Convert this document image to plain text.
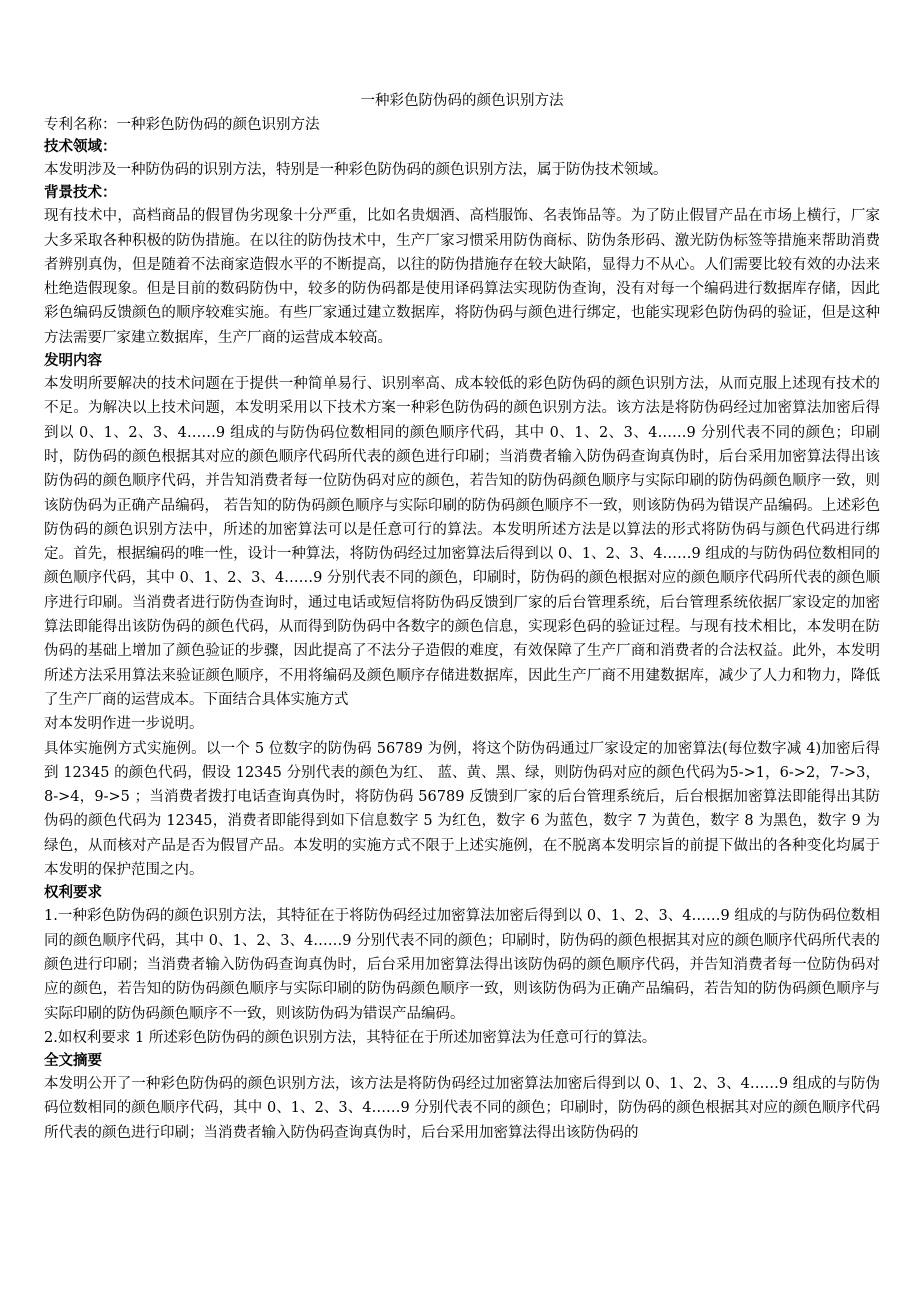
一种彩色防伪码的颜色识别方法

专利名称：一种彩色防伪码的颜色识别方法

技术领域：

本发明涉及一种防伪码的识别方法，特别是一种彩色防伪码的颜色识别方法，属于防伪技术领域。

背景技术：

现有技术中，高档商品的假冒伪劣现象十分严重，比如名贵烟酒、高档服饰、名表饰品等。为了防止假冒产品在市场上横行，厂家大多采取各种积极的防伪措施。在以往的防伪技术中，生产厂家习惯采用防伪商标、防伪条形码、激光防伪标签等措施来帮助消费者辨别真伪，但是随着不法商家造假水平的不断提高，以往的防伪措施存在较大缺陷，显得力不从心。人们需要比较有效的办法来杜绝造假现象。但是目前的数码防伪中，较多的防伪码都是使用译码算法实现防伪查询，没有对每一个编码进行数据库存储，因此彩色编码反馈颜色的顺序较难实施。有些厂家通过建立数据库，将防伪码与颜色进行绑定，也能实现彩色防伪码的验证，但是这种方法需要厂家建立数据库，生产厂商的运营成本较高。

发明内容

本发明所要解决的技术问题在于提供一种简单易行、识别率高、成本较低的彩色防伪码的颜色识别方法，从而克服上述现有技术的不足。为解决以上技术问题，本发明采用以下技术方案一种彩色防伪码的颜色识别方法。该方法是将防伪码经过加密算法加密后得到以 0、1、2、3、4……9 组成的与防伪码位数相同的颜色顺序代码，其中 0、1、2、3、4……9 分别代表不同的颜色；印刷时，防伪码的颜色根据其对应的颜色顺序代码所代表的颜色进行印刷；当消费者输入防伪码查询真伪时，后台采用加密算法得出该防伪码的颜色顺序代码，并告知消费者每一位防伪码对应的颜色，若告知的防伪码颜色顺序与实际印刷的防伪码颜色顺序一致，则该防伪码为正确产品编码， 若告知的防伪码颜色顺序与实际印刷的防伪码颜色顺序不一致，则该防伪码为错误产品编码。上述彩色防伪码的颜色识别方法中，所述的加密算法可以是任意可行的算法。本发明所述方法是以算法的形式将防伪码与颜色代码进行绑定。首先，根据编码的唯一性，设计一种算法，将防伪码经过加密算法后得到以 0、1、2、3、4……9 组成的与防伪码位数相同的颜色顺序代码，其中 0、1、2、3、4……9 分别代表不同的颜色，印刷时，防伪码的颜色根据对应的颜色顺序代码所代表的颜色顺序进行印刷。当消费者进行防伪查询时，通过电话或短信将防伪码反馈到厂家的后台管理系统，后台管理系统依据厂家设定的加密算法即能得出该防伪码的颜色代码，从而得到防伪码中各数字的颜色信息，实现彩色码的验证过程。与现有技术相比，本发明在防伪码的基础上增加了颜色验证的步骤，因此提高了不法分子造假的难度，有效保障了生产厂商和消费者的合法权益。此外，本发明所述方法采用算法来验证颜色顺序，不用将编码及颜色顺序存储进数据库，因此生产厂商不用建数据库，减少了人力和物力，降低了生产厂商的运营成本。下面结合具体实施方式

对本发明作进一步说明。

具体实施例方式实施例。以一个 5 位数字的防伪码 56789 为例，将这个防伪码通过厂家设定的加密算法(每位数字减 4)加密后得到 12345 的颜色代码，假设 12345 分别代表的颜色为红、 蓝、黄、黑、绿，则防伪码对应的颜色代码为5->1，6->2，7->3，8->4，9->5 ；当消费者拨打电话查询真伪时，将防伪码 56789 反馈到厂家的后台管理系统后，后台根据加密算法即能得出其防伪码的颜色代码为 12345，消费者即能得到如下信息数字 5 为红色，数字 6 为蓝色，数字 7 为黄色，数字 8 为黑色，数字 9 为绿色，从而核对产品是否为假冒产品。本发明的实施方式不限于上述实施例，在不脱离本发明宗旨的前提下做出的各种变化均属于本发明的保护范围之内。

权利要求

1.一种彩色防伪码的颜色识别方法，其特征在于将防伪码经过加密算法加密后得到以 0、1、2、3、4……9 组成的与防伪码位数相同的颜色顺序代码，其中 0、1、2、3、4……9 分别代表不同的颜色；印刷时，防伪码的颜色根据其对应的颜色顺序代码所代表的颜色进行印刷；当消费者输入防伪码查询真伪时，后台采用加密算法得出该防伪码的颜色顺序代码，并告知消费者每一位防伪码对应的颜色，若告知的防伪码颜色顺序与实际印刷的防伪码颜色顺序一致，则该防伪码为正确产品编码，若告知的防伪码颜色顺序与实际印刷的防伪码颜色顺序不一致，则该防伪码为错误产品编码。

2.如权利要求 1 所述彩色防伪码的颜色识别方法，其特征在于所述加密算法为任意可行的算法。

全文摘要

本发明公开了一种彩色防伪码的颜色识别方法，该方法是将防伪码经过加密算法加密后得到以 0、1、2、3、4……9 组成的与防伪码位数相同的颜色顺序代码，其中 0、1、2、3、4……9 分别代表不同的颜色；印刷时，防伪码的颜色根据其对应的颜色顺序代码所代表的颜色进行印刷；当消费者输入防伪码查询真伪时，后台采用加密算法得出该防伪码的
